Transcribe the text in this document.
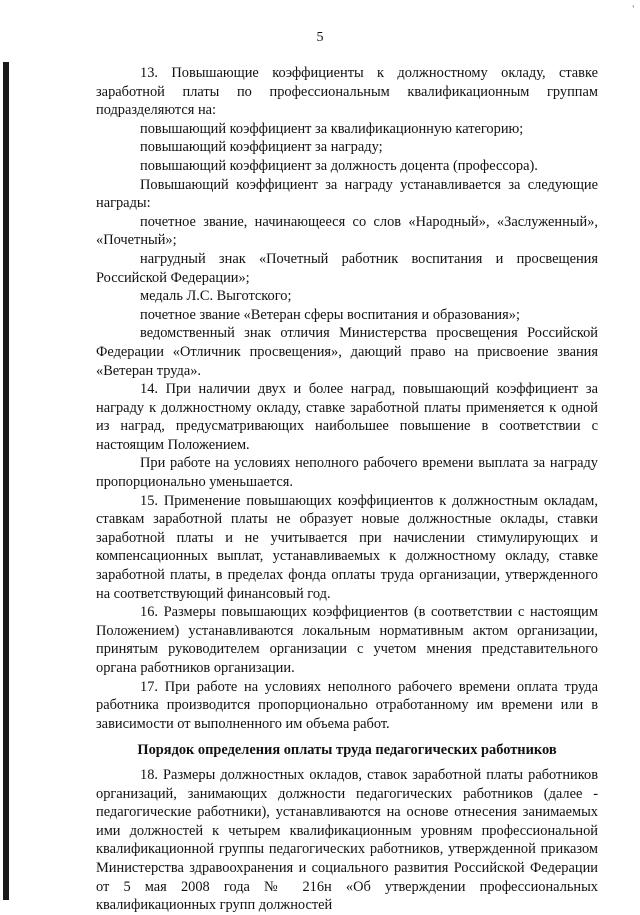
'
5

13. Повышающие коэффициенты к должностному окладу, ставке заработной платы по профессиональным квалификационным группам подразделяются на:

повышающий коэффициент за квалификационную категорию;

повышающий коэффициент за награду;

повышающий коэффициент за должность доцента (профессора).

Повышающий коэффициент за награду устанавливается за следующие награды:

почетное звание, начинающееся со слов «Народный», «Заслуженный», «Почетный»;

нагрудный знак «Почетный работник воспитания и просвещения Российской Федерации»;

медаль Л.С. Выготского;

почетное звание «Ветеран сферы воспитания и образования»;

ведомственный знак отличия Министерства просвещения Российской Федерации «Отличник просвещения», дающий право на присвоение звания «Ветеран труда».

14. При наличии двух и более наград, повышающий коэффициент за награду к должностному окладу, ставке заработной платы применяется к одной из наград, предусматривающих наибольшее повышение в соответствии с настоящим Положением.

При работе на условиях неполного рабочего времени выплата за награду пропорционально уменьшается.

15. Применение повышающих коэффициентов к должностным окладам, ставкам заработной платы не образует новые должностные оклады, ставки заработной платы и не учитывается при начислении стимулирующих и компенсационных выплат, устанавливаемых к должностному окладу, ставке заработной платы, в пределах фонда оплаты труда организации, утвержденного на соответствующий финансовый год.

16. Размеры повышающих коэффициентов (в соответствии с настоящим Положением) устанавливаются локальным нормативным актом организации, принятым руководителем организации с учетом мнения представительного органа работников организации.

17. При работе на условиях неполного рабочего времени оплата труда работника производится пропорционально отработанному им времени или в зависимости от выполненного им объема работ.

Порядок определения оплаты труда педагогических работников

18. Размеры должностных окладов, ставок заработной платы работников организаций, занимающих должности педагогических работников (далее - педагогические работники), устанавливаются на основе отнесения занимаемых ими должностей к четырем квалификационным уровням профессиональной квалификационной группы педагогических работников, утвержденной приказом Министерства здравоохранения и социального развития Российской Федерации от 5 мая 2008 года № 216н «Об утверждении профессиональных квалификационных групп должностей
